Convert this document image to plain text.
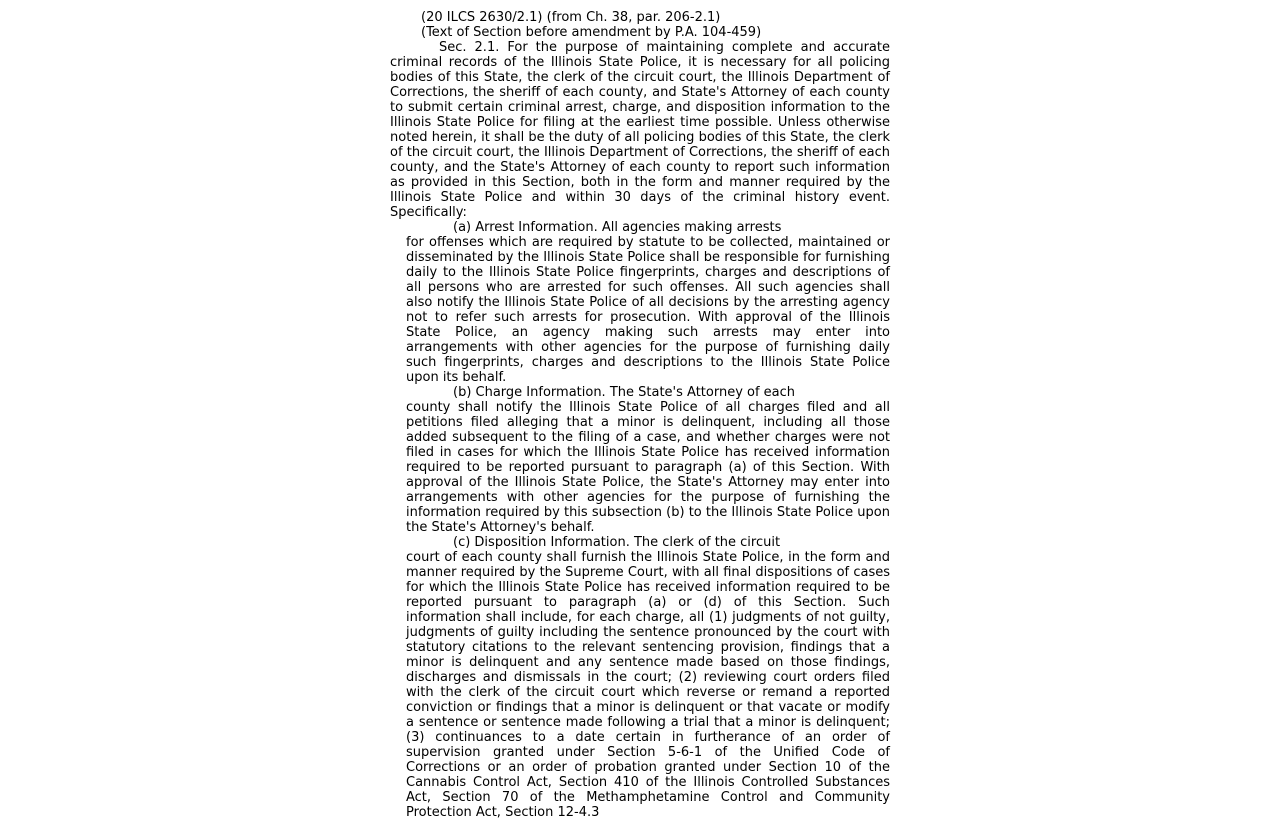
(20 ILCS 2630/2.1) (from Ch. 38, par. 206-2.1)
(Text of Section before amendment by P.A. 104-459)

Sec. 2.1. For the purpose of maintaining complete and accurate criminal records of the Illinois State Police, it is necessary for all policing bodies of this State, the clerk of the circuit court, the Illinois Department of Corrections, the sheriff of each county, and State's Attorney of each county to submit certain criminal arrest, charge, and disposition information to the Illinois State Police for filing at the earliest time possible. Unless otherwise noted herein, it shall be the duty of all policing bodies of this State, the clerk of the circuit court, the Illinois Department of Corrections, the sheriff of each county, and the State's Attorney of each county to report such information as provided in this Section, both in the form and manner required by the Illinois State Police and within 30 days of the criminal history event. Specifically:

(a) Arrest Information. All agencies making arrests
for offenses which are required by statute to be collected, maintained or disseminated by the Illinois State Police shall be responsible for furnishing daily to the Illinois State Police fingerprints, charges and descriptions of all persons who are arrested for such offenses. All such agencies shall also notify the Illinois State Police of all decisions by the arresting agency not to refer such arrests for prosecution. With approval of the Illinois State Police, an agency making such arrests may enter into arrangements with other agencies for the purpose of furnishing daily such fingerprints, charges and descriptions to the Illinois State Police upon its behalf.
(b) Charge Information. The State's Attorney of each
county shall notify the Illinois State Police of all charges filed and all petitions filed alleging that a minor is delinquent, including all those added subsequent to the filing of a case, and whether charges were not filed in cases for which the Illinois State Police has received information required to be reported pursuant to paragraph (a) of this Section. With approval of the Illinois State Police, the State's Attorney may enter into arrangements with other agencies for the purpose of furnishing the information required by this subsection (b) to the Illinois State Police upon the State's Attorney's behalf.
(c) Disposition Information. The clerk of the circuit
court of each county shall furnish the Illinois State Police, in the form and manner required by the Supreme Court, with all final dispositions of cases for which the Illinois State Police has received information required to be reported pursuant to paragraph (a) or (d) of this Section. Such information shall include, for each charge, all (1) judgments of not guilty, judgments of guilty including the sentence pronounced by the court with statutory citations to the relevant sentencing provision, findings that a minor is delinquent and any sentence made based on those findings, discharges and dismissals in the court; (2) reviewing court orders filed with the clerk of the circuit court which reverse or remand a reported conviction or findings that a minor is delinquent or that vacate or modify a sentence or sentence made following a trial that a minor is delinquent; (3) continuances to a date certain in furtherance of an order of supervision granted under Section 5-6-1 of the Unified Code of Corrections or an order of probation granted under Section 10 of the Cannabis Control Act, Section 410 of the Illinois Controlled Substances Act, Section 70 of the Methamphetamine Control and Community Protection Act, Section 12-4.3
